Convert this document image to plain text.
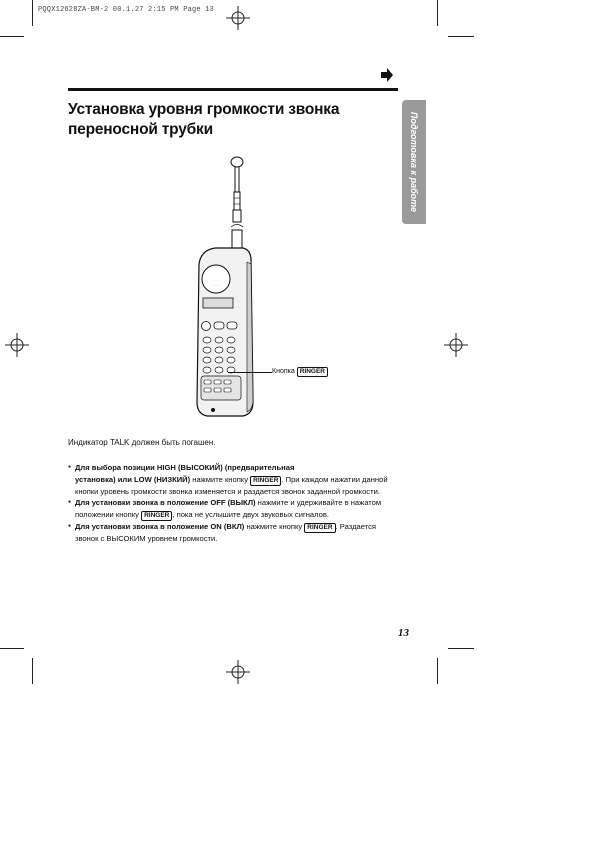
PQQX12628ZA-BM-2 00.1.27 2:15 PM Page 13
Установка уровня громкости звонка
переносной трубки	Подготовка к работе
· · · ·
· · · ·
· · · ·
Кнопка RINGER
Индикатор TALK должен быть погашен.

● Для выбора позиции HIGH (ВЫСОКИЙ) (предварительная
установка) или LOW (НИЗКИЙ) нажмите кнопку RINGER . При каждом нажатии данной кнопки уровень громкости звонка изменяется и раздается звонок заданной громкости.

● Для установки звонка в положение OFF (ВЫКЛ) нажмите и удерживайте в нажатом положении кнопку RINGER , пока не услышите двух звуковых сигналов.

● Для установки звонка в положение ON (ВКЛ) нажмите кнопку RINGER . Раздается звонок с ВЫСОКИМ уровнем громкости.

13
